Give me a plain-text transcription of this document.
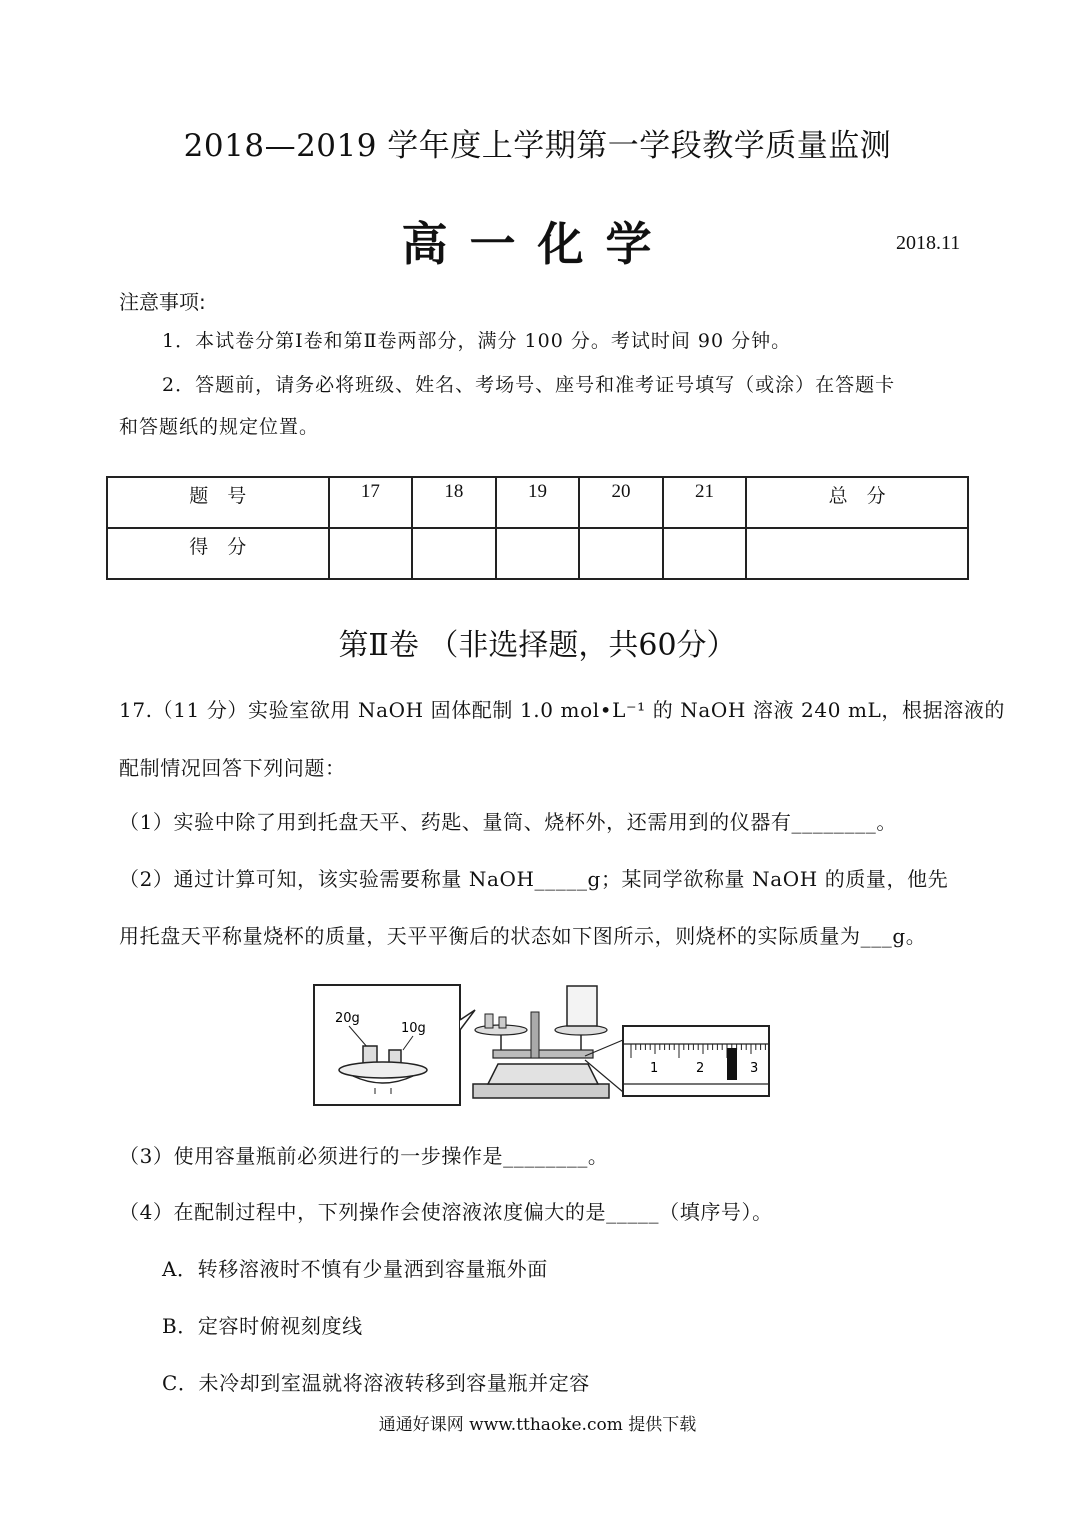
2018—2019 学年度上学期第一学段教学质量监测
高一化学	2018.11
注意事项:
1．本试卷分第Ⅰ卷和第Ⅱ卷两部分，满分 100 分。考试时间 90 分钟。
2．答题前，请务必将班级、姓名、考场号、座号和准考证号填写（或涂）在答题卡
和答题纸的规定位置。
题　号	17	18	19	20	21	总　分
得　分						
第Ⅱ卷 （非选择题，共60分）
17.（11 分）实验室欲用 NaOH 固体配制 1.0 mol•L⁻¹ 的 NaOH 溶液 240 mL，根据溶液的
配制情况回答下列问题：
（1）实验中除了用到托盘天平、药匙、量筒、烧杯外，还需用到的仪器有________。
（2）通过计算可知，该实验需要称量 NaOH_____g；某同学欲称量 NaOH 的质量，他先
用托盘天平称量烧杯的质量，天平平衡后的状态如下图所示，则烧杯的实际质量为___g。
20g
10g
1	2	3
（3）使用容量瓶前必须进行的一步操作是________。
（4）在配制过程中，下列操作会使溶液浓度偏大的是_____（填序号）。
A．转移溶液时不慎有少量洒到容量瓶外面
B．定容时俯视刻度线
C．未冷却到室温就将溶液转移到容量瓶并定容
通通好课网 www.tthaoke.com 提供下载
